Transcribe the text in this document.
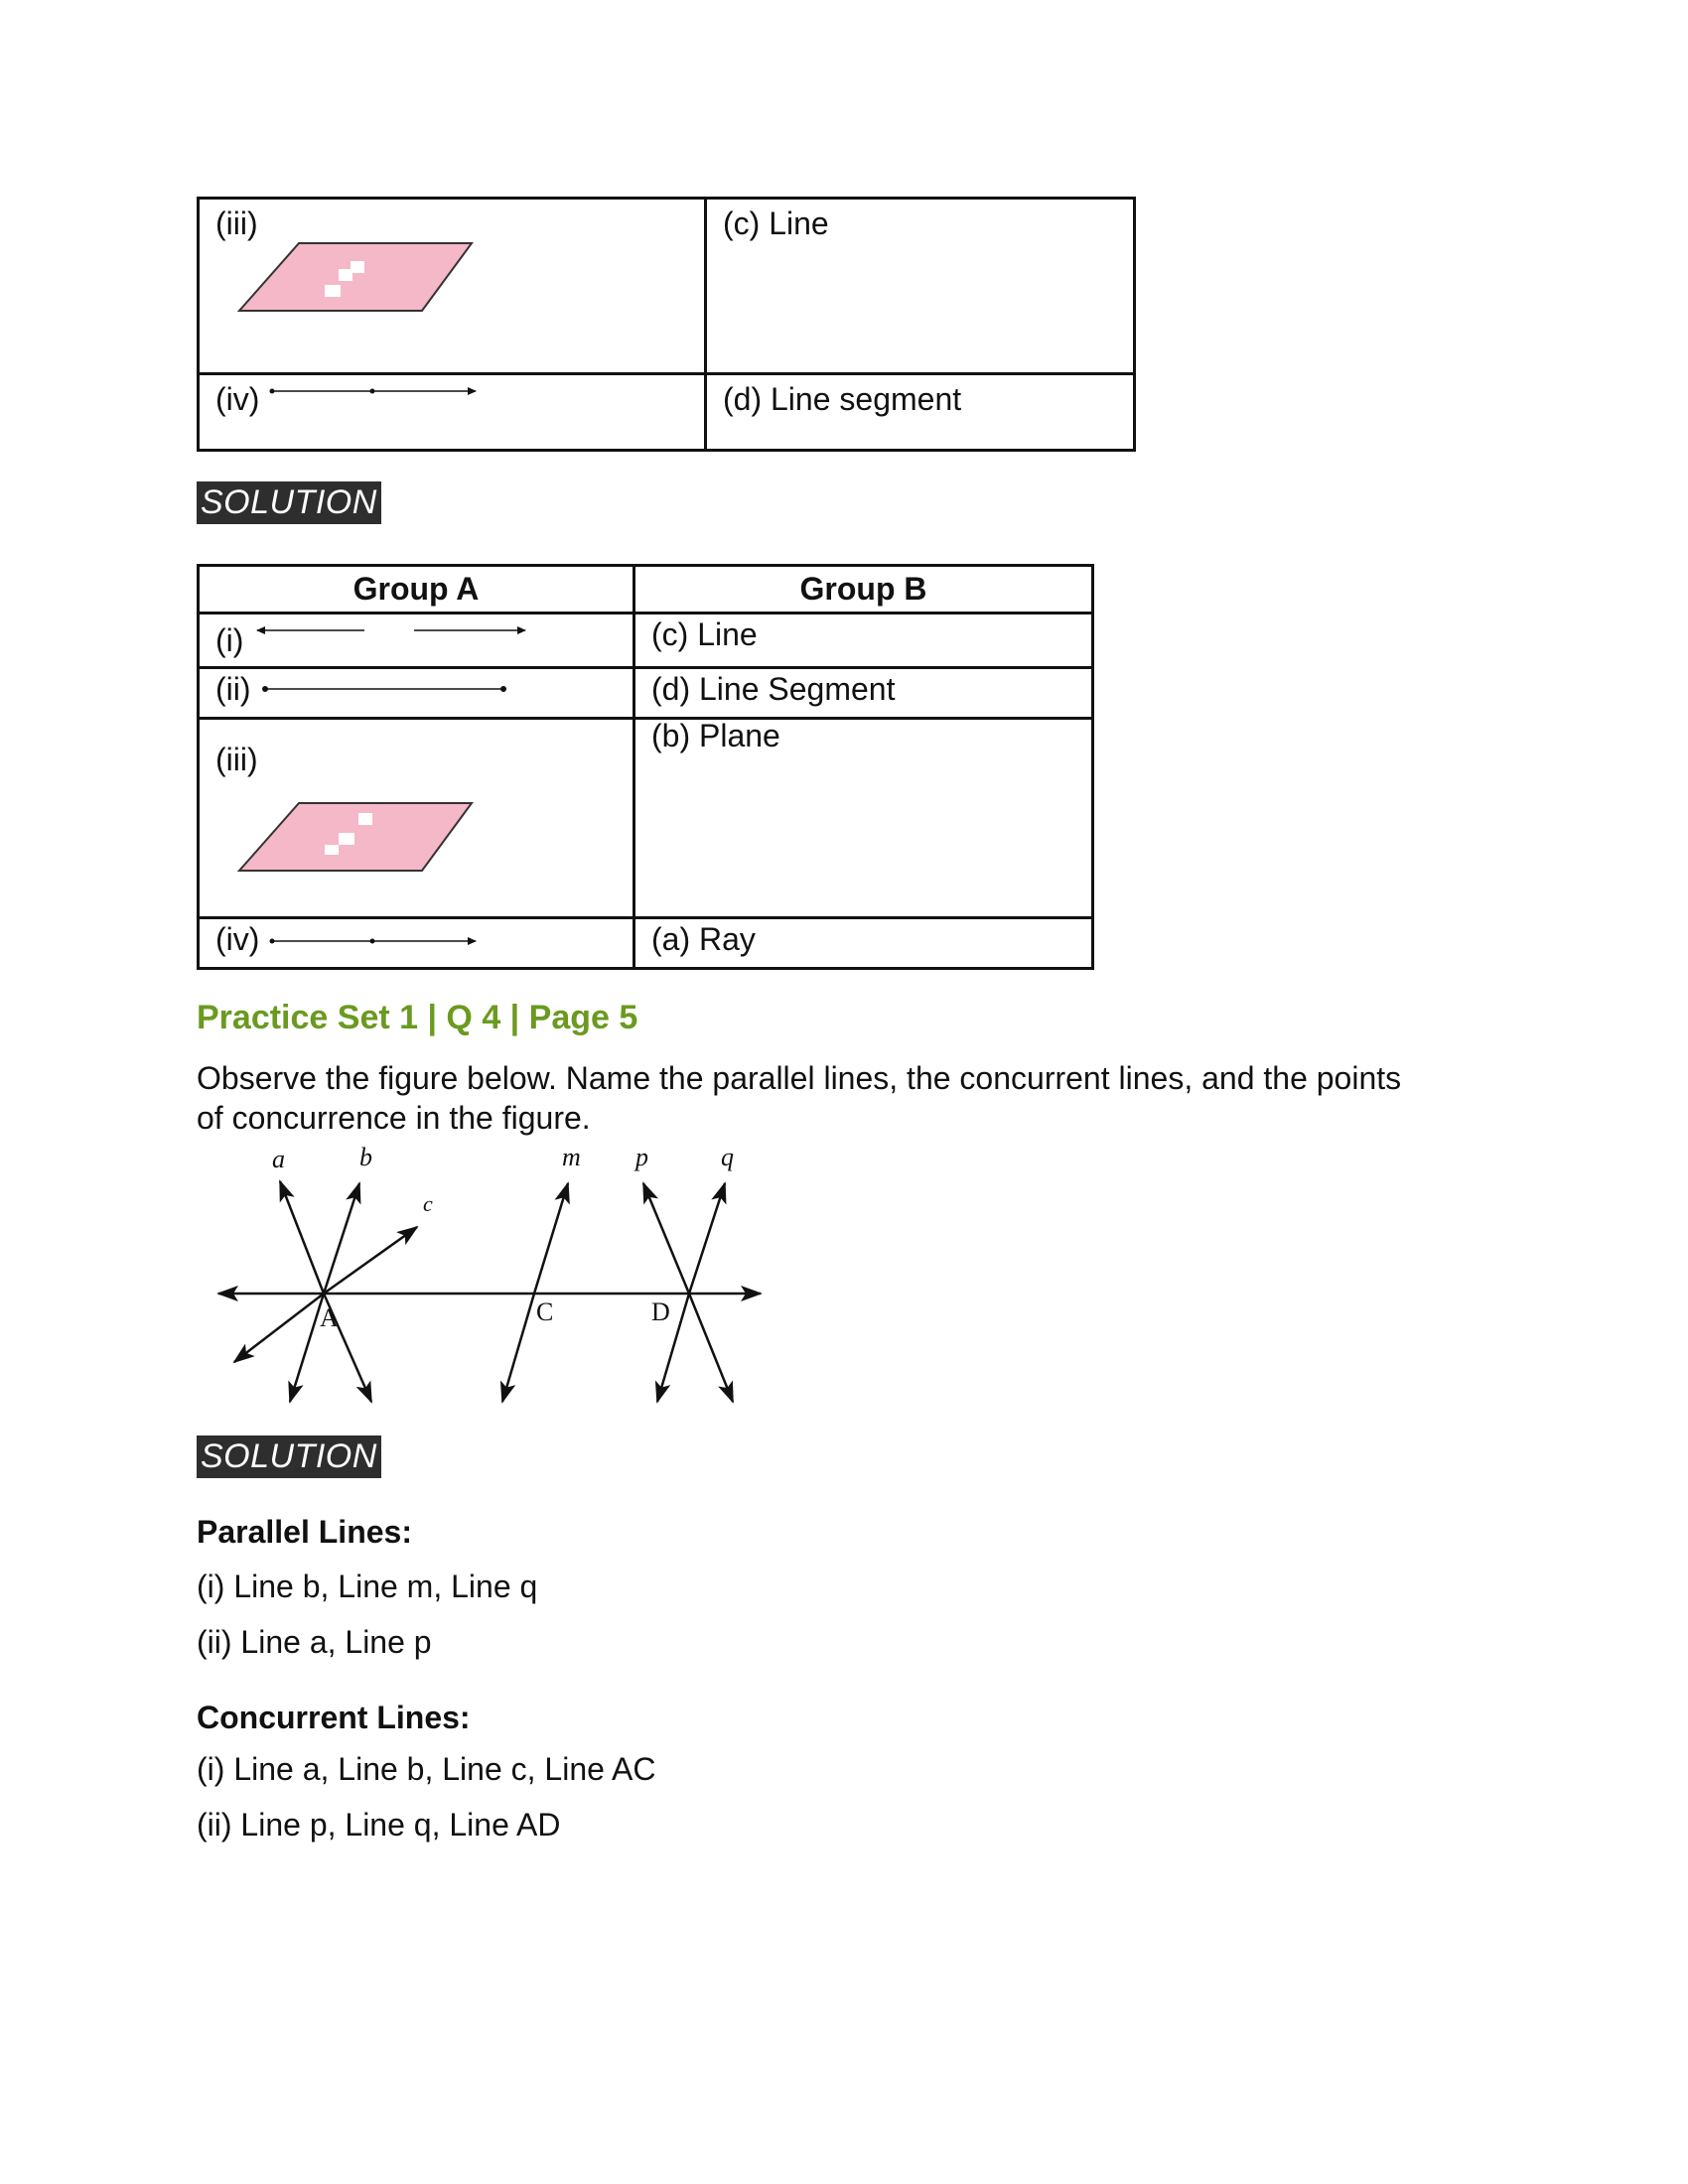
(iii)	(c) Line

(iv)	(d) Line segment
SOLUTION
Group A	Group B

(i)	(c) Line

(ii)	(d) Line Segment

(iii)	(b) Plane

(iv)	(a) Ray
Practice Set 1 | Q 4 | Page 5
Observe the figure below. Name the parallel lines, the concurrent lines, and the points
of concurrence in the figure.
a	b
c
m p	q
A	C	D
SOLUTION
Parallel Lines:
(i) Line b, Line m, Line q
(ii) Line a, Line p
Concurrent Lines:
(i) Line a, Line b, Line c, Line AC
(ii) Line p, Line q, Line AD
